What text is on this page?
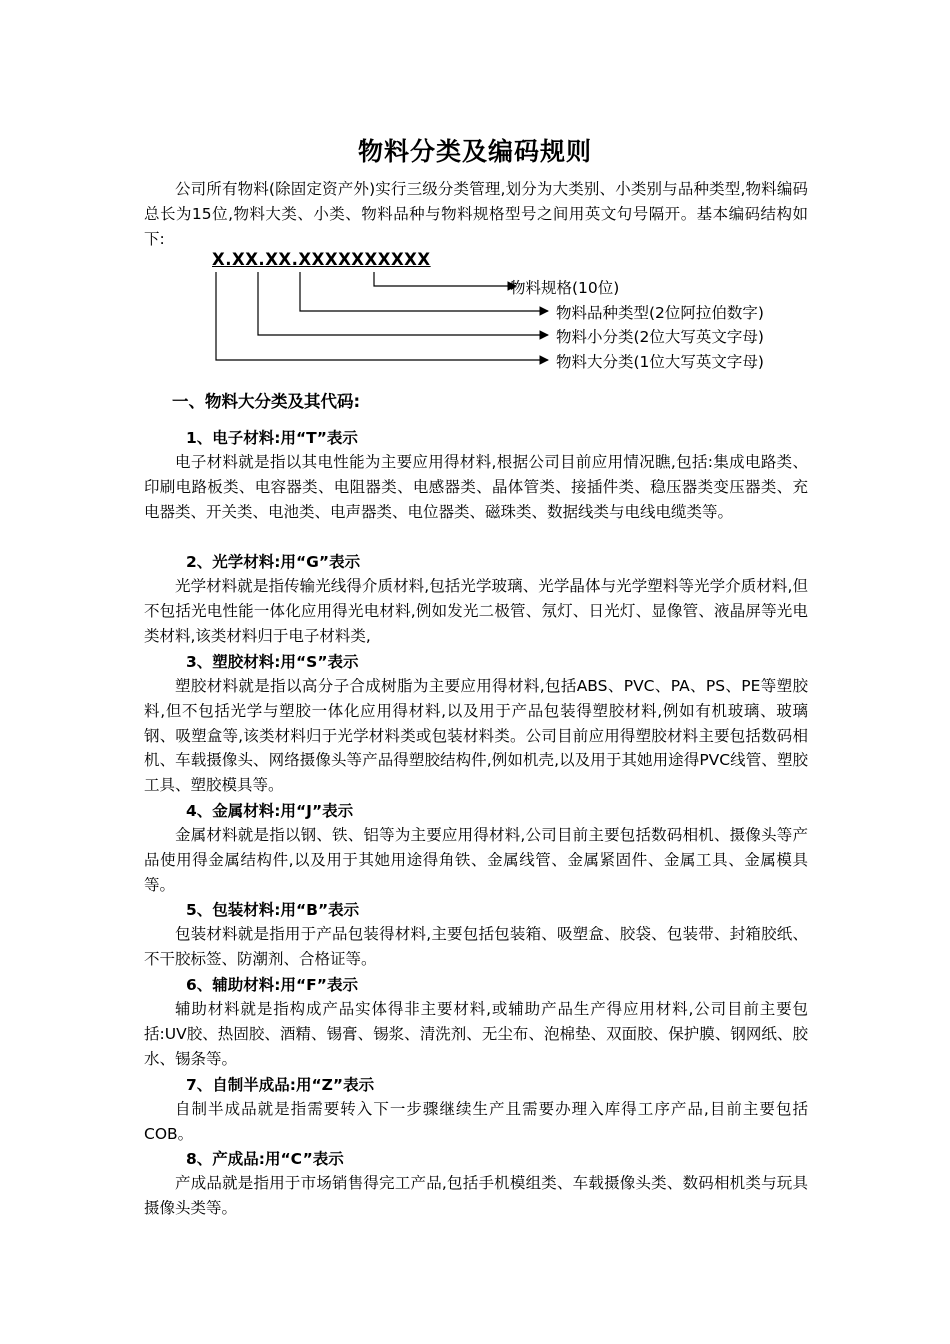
物料分类及编码规则

公司所有物料(除固定资产外)实行三级分类管理,划分为大类别、小类别与品种类型,物料编码总长为15位,物料大类、小类、物料品种与物料规格型号之间用英文句号隔开。基本编码结构如下:

X.XX.XX.XXXXXXXXXX
物料规格(10位)
物料品种类型(2位阿拉伯数字)
物料小分类(2位大写英文字母)
物料大分类(1位大写英文字母)
一、物料大分类及其代码:
1、电子材料:用“T”表示

电子材料就是指以其电性能为主要应用得材料,根据公司目前应用情况瞧,包括:集成电路类、印刷电路板类、电容器类、电阻器类、电感器类、晶体管类、接插件类、稳压器类变压器类、充电器类、开关类、电池类、电声器类、电位器类、磁珠类、数据线类与电线电缆类等。

2、光学材料:用“G”表示

光学材料就是指传输光线得介质材料,包括光学玻璃、光学晶体与光学塑料等光学介质材料,但不包括光电性能一体化应用得光电材料,例如发光二极管、氖灯、日光灯、显像管、液晶屏等光电类材料,该类材料归于电子材料类,

3、塑胶材料:用“S”表示

塑胶材料就是指以高分子合成树脂为主要应用得材料,包括ABS、PVC、PA、PS、PE等塑胶料,但不包括光学与塑胶一体化应用得材料,以及用于产品包装得塑胶材料,例如有机玻璃、玻璃钢、吸塑盒等,该类材料归于光学材料类或包装材料类。公司目前应用得塑胶材料主要包括数码相机、车载摄像头、网络摄像头等产品得塑胶结构件,例如机壳,以及用于其她用途得PVC线管、塑胶工具、塑胶模具等。

4、金属材料:用“J”表示

金属材料就是指以钢、铁、铝等为主要应用得材料,公司目前主要包括数码相机、摄像头等产品使用得金属结构件,以及用于其她用途得角铁、金属线管、金属紧固件、金属工具、金属模具等。

5、包装材料:用“B”表示

包装材料就是指用于产品包装得材料,主要包括包装箱、吸塑盒、胶袋、包装带、封箱胶纸、不干胶标签、防潮剂、合格证等。

6、辅助材料:用“F”表示

辅助材料就是指构成产品实体得非主要材料,或辅助产品生产得应用材料,公司目前主要包括:UV胶、热固胶、酒精、锡膏、锡浆、清洗剂、无尘布、泡棉垫、双面胶、保护膜、钢网纸、胶水、锡条等。

7、自制半成品:用“Z”表示

自制半成品就是指需要转入下一步骤继续生产且需要办理入库得工序产品,目前主要包括COB。

8、产成品:用“C”表示

产成品就是指用于市场销售得完工产品,包括手机模组类、车载摄像头类、数码相机类与玩具摄像头类等。
